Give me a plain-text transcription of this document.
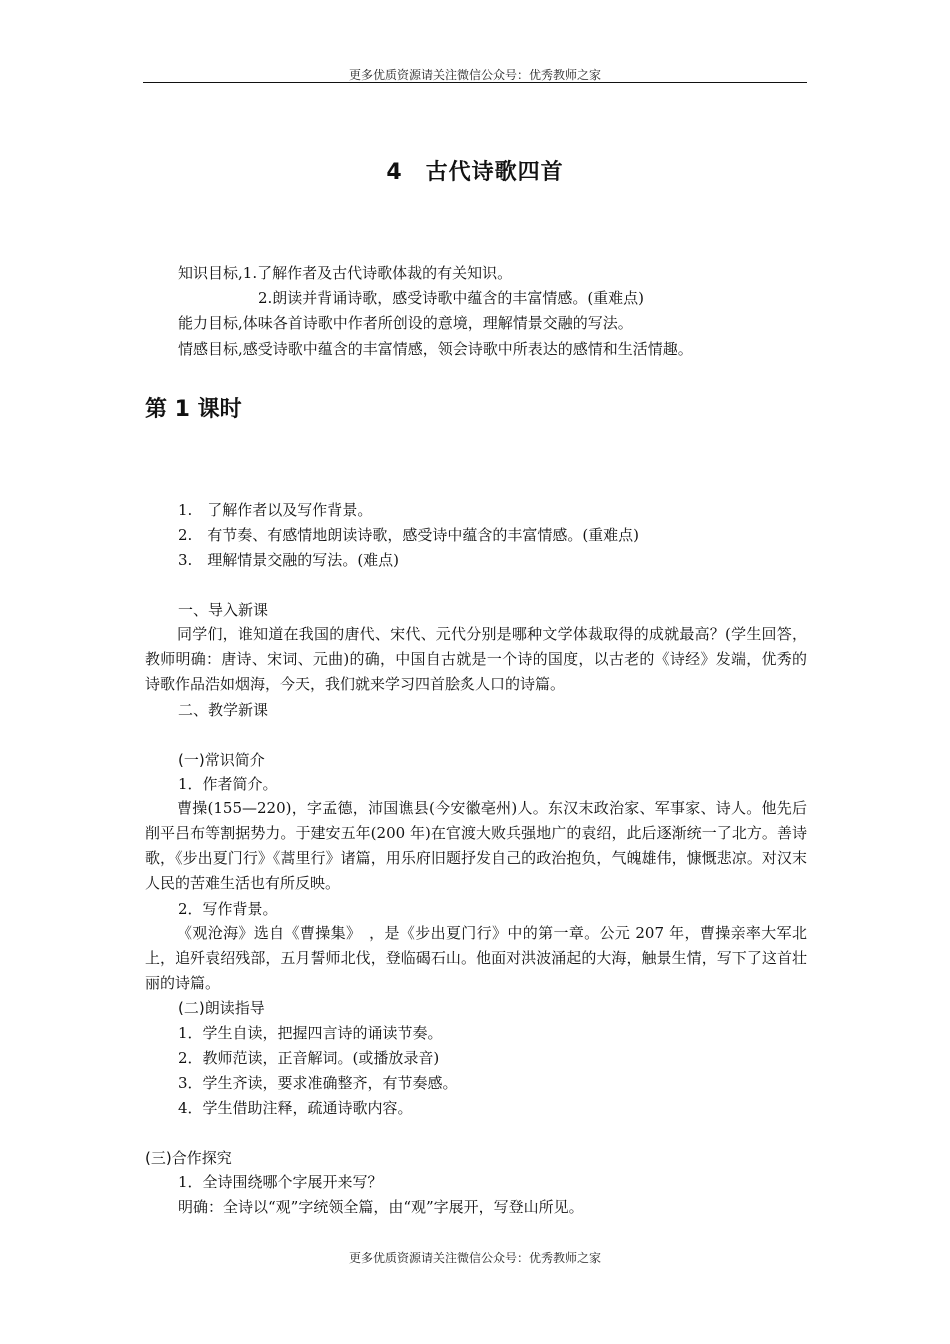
更多优质资源请关注微信公众号：优秀教师之家
4　古代诗歌四首
知识目标,1.了解作者及古代诗歌体裁的有关知识。
2.朗读并背诵诗歌，感受诗歌中蕴含的丰富情感。(重难点)
能力目标,体味各首诗歌中作者所创设的意境，理解情景交融的写法。
情感目标,感受诗歌中蕴含的丰富情感，领会诗歌中所表达的感情和生活情趣。
第 1 课时
1.　了解作者以及写作背景。
2.　有节奏、有感情地朗读诗歌，感受诗中蕴含的丰富情感。(重难点)
3.　理解情景交融的写法。(难点)
一、导入新课
同学们，谁知道在我国的唐代、宋代、元代分别是哪种文学体裁取得的成就最高？(学生回答，教师明确：唐诗、宋词、元曲)的确，中国自古就是一个诗的国度，以古老的《诗经》发端，优秀的诗歌作品浩如烟海，今天，我们就来学习四首脍炙人口的诗篇。
二、教学新课
(一)常识简介
1．作者简介。
曹操(155—220)，字孟德，沛国谯县(今安徽亳州)人。东汉末政治家、军事家、诗人。他先后削平吕布等割据势力。于建安五年(200 年)在官渡大败兵强地广的袁绍，此后逐渐统一了北方。善诗歌，《步出夏门行》《蒿里行》诸篇，用乐府旧题抒发自己的政治抱负，气魄雄伟，慷慨悲凉。对汉末人民的苦难生活也有所反映。
2．写作背景。
《观沧海》选自《曹操集》　，是《步出夏门行》中的第一章。公元 207 年，曹操亲率大军北上，追歼袁绍残部，五月誓师北伐，登临碣石山。他面对洪波涌起的大海，触景生情，写下了这首壮丽的诗篇。
(二)朗读指导
1．学生自读，把握四言诗的诵读节奏。
2．教师范读，正音解词。(或播放录音)
3．学生齐读，要求准确整齐，有节奏感。
4．学生借助注释，疏通诗歌内容。
(三)合作探究
1．全诗围绕哪个字展开来写？
明确：全诗以“观”字统领全篇，由“观”字展开，写登山所见。
更多优质资源请关注微信公众号：优秀教师之家
